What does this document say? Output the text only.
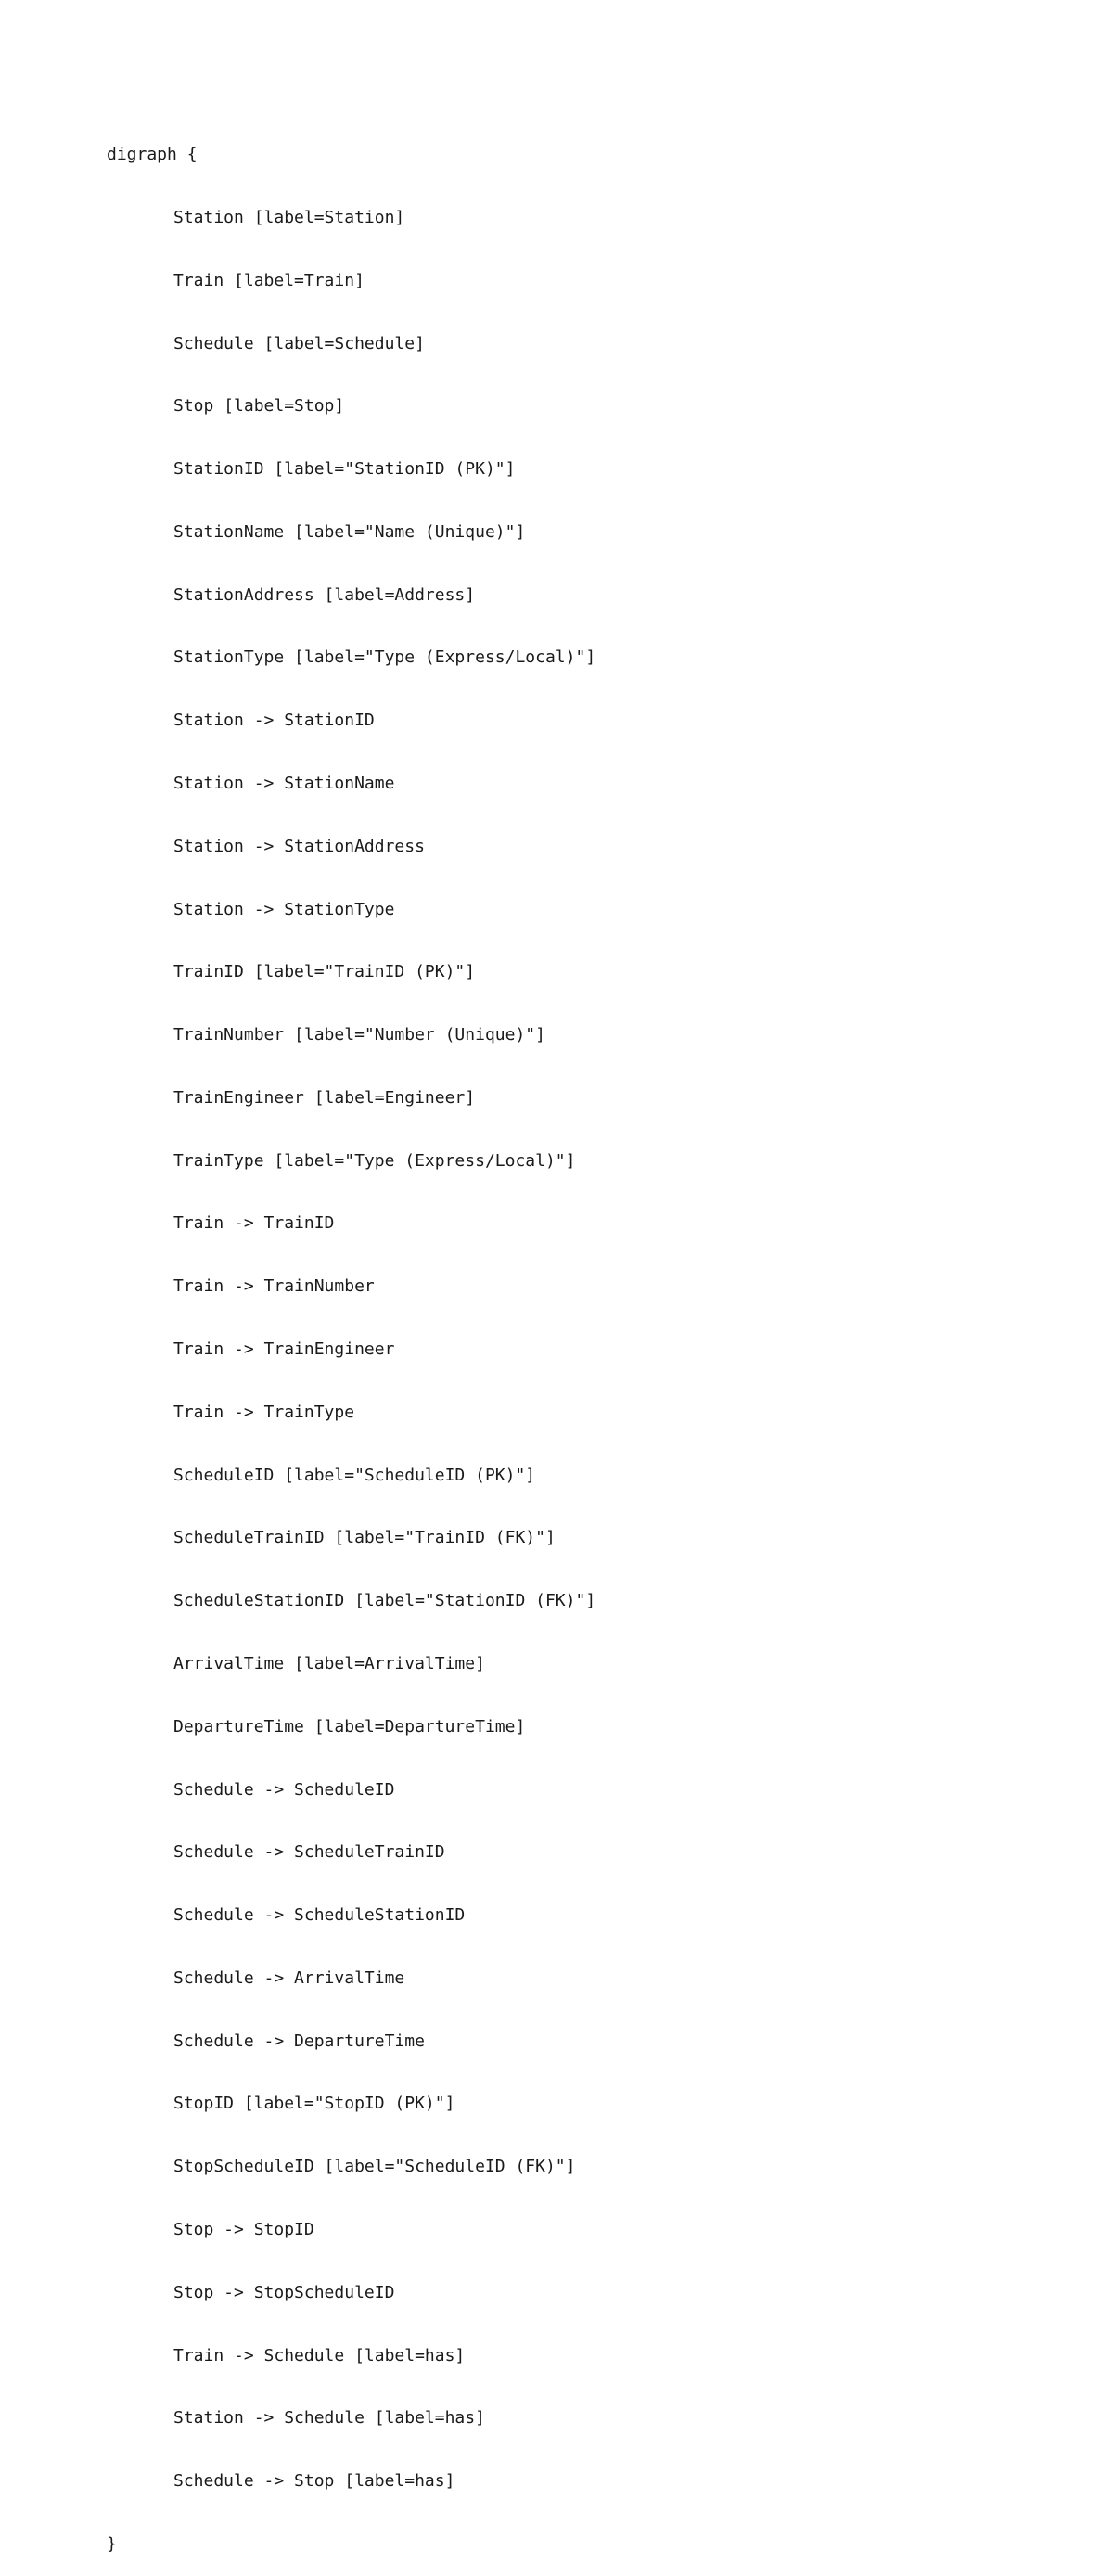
digraph {

Station [label=Station]

Train [label=Train]

Schedule [label=Schedule]

Stop [label=Stop]

StationID [label="StationID (PK)"]

StationName [label="Name (Unique)"]

StationAddress [label=Address]

StationType [label="Type (Express/Local)"]

Station -> StationID

Station -> StationName

Station -> StationAddress

Station -> StationType

TrainID [label="TrainID (PK)"]

TrainNumber [label="Number (Unique)"]

TrainEngineer [label=Engineer]

TrainType [label="Type (Express/Local)"]

Train -> TrainID

Train -> TrainNumber

Train -> TrainEngineer

Train -> TrainType

ScheduleID [label="ScheduleID (PK)"]

ScheduleTrainID [label="TrainID (FK)"]

ScheduleStationID [label="StationID (FK)"]

ArrivalTime [label=ArrivalTime]

DepartureTime [label=DepartureTime]

Schedule -> ScheduleID

Schedule -> ScheduleTrainID

Schedule -> ScheduleStationID

Schedule -> ArrivalTime

Schedule -> DepartureTime

StopID [label="StopID (PK)"]

StopScheduleID [label="ScheduleID (FK)"]

Stop -> StopID

Stop -> StopScheduleID

Train -> Schedule [label=has]

Station -> Schedule [label=has]

Schedule -> Stop [label=has]

}
